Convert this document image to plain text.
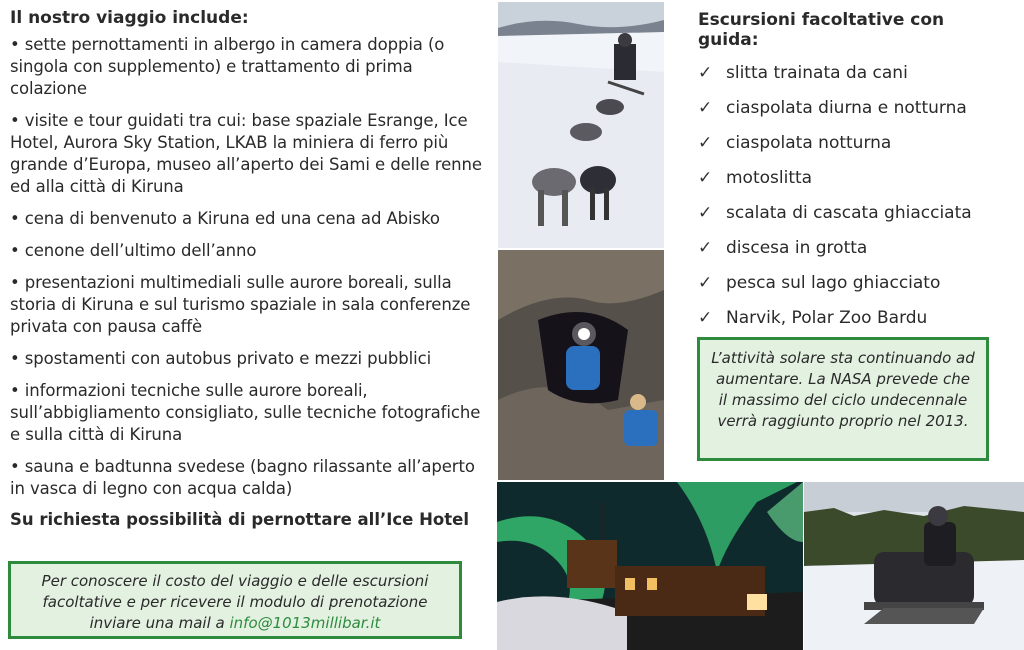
Il nostro viaggio include:
• sette pernottamenti in albergo in camera doppia (o singola con supplemento) e trattamento di prima colazione
• visite e tour guidati tra cui: base spaziale Esrange, Ice Hotel, Aurora Sky Station, LKAB la miniera di ferro più grande d’Europa, museo all’aperto dei Sami e delle renne ed alla città di Kiruna
• cena di benvenuto a Kiruna ed una cena ad Abisko
• cenone dell’ultimo dell’anno
• presentazioni multimediali sulle aurore boreali, sulla storia di Kiruna e sul turismo spaziale in sala conferenze privata con pausa caffè
• spostamenti con autobus privato e mezzi pubblici
• informazioni tecniche sulle aurore boreali, sull’abbigliamento consigliato, sulle tecniche fotografiche e sulla città di Kiruna
• sauna e badtunna svedese (bagno rilassante all’aperto in vasca di legno con acqua calda)
Su richiesta possibilità di pernottare all’Ice Hotel
Per conoscere il costo del viaggio e delle escursioni facoltative e per ricevere il modulo di prenotazione inviare una mail a info@1013millibar.it
Escursioni facoltative con guida:
✓ slitta trainata da cani
✓ ciaspolata diurna e notturna
✓ ciaspolata notturna
✓ motoslitta
✓ scalata di cascata ghiacciata
✓ discesa in grotta
✓ pesca sul lago ghiacciato
✓ Narvik, Polar Zoo Bardu
L’attività solare sta continuando ad aumentare. La NASA prevede che il massimo del ciclo undecennale verrà raggiunto proprio nel 2013.
